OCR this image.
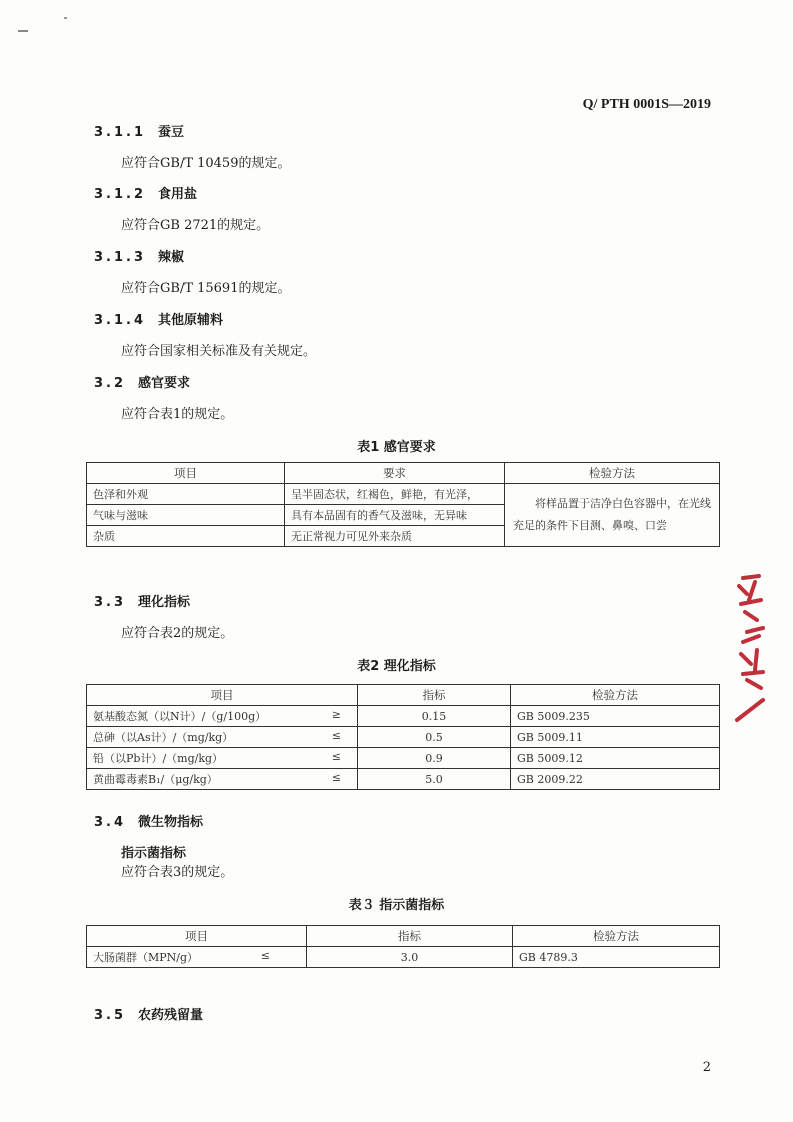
Q/ PTH 0001S—2019
3.1.1 蚕豆
应符合GB/T 10459的规定。
3.1.2 食用盐
应符合GB 2721的规定。
3.1.3 辣椒
应符合GB/T 15691的规定。
3.1.4 其他原辅料
应符合国家相关标准及有关规定。
3.2 感官要求
应符合表1的规定。
表1 感官要求
项目	要求	检验方法
色泽和外观	呈半固态状，红褐色，鲜艳，有光泽，	将样品置于洁净白色容器中，在光线充足的条件下目测、鼻嗅、口尝
气味与滋味	具有本品固有的香气及滋味，无异味	
杂质	无正常视力可见外来杂质	
3.3 理化指标
应符合表2的规定。
表2 理化指标
项目	指标	检验方法

氨基酸态氮（以N计）/（g/100g） ≥	0.15	GB 5009.235

总砷（以As计）/（mg/kg） ≤	0.5	GB 5009.11

铅（以Pb计）/（mg/kg） ≤	0.9	GB 5009.12

黄曲霉毒素B₁/（μg/kg） ≤	5.0	GB 2009.22
3.4 微生物指标
指示菌指标
应符合表3的规定。
表３ 指示菌指标
项目	指标	检验方法

大肠菌群（MPN/g） ≤	3.0	GB 4789.3
3.5 农药残留量
2
